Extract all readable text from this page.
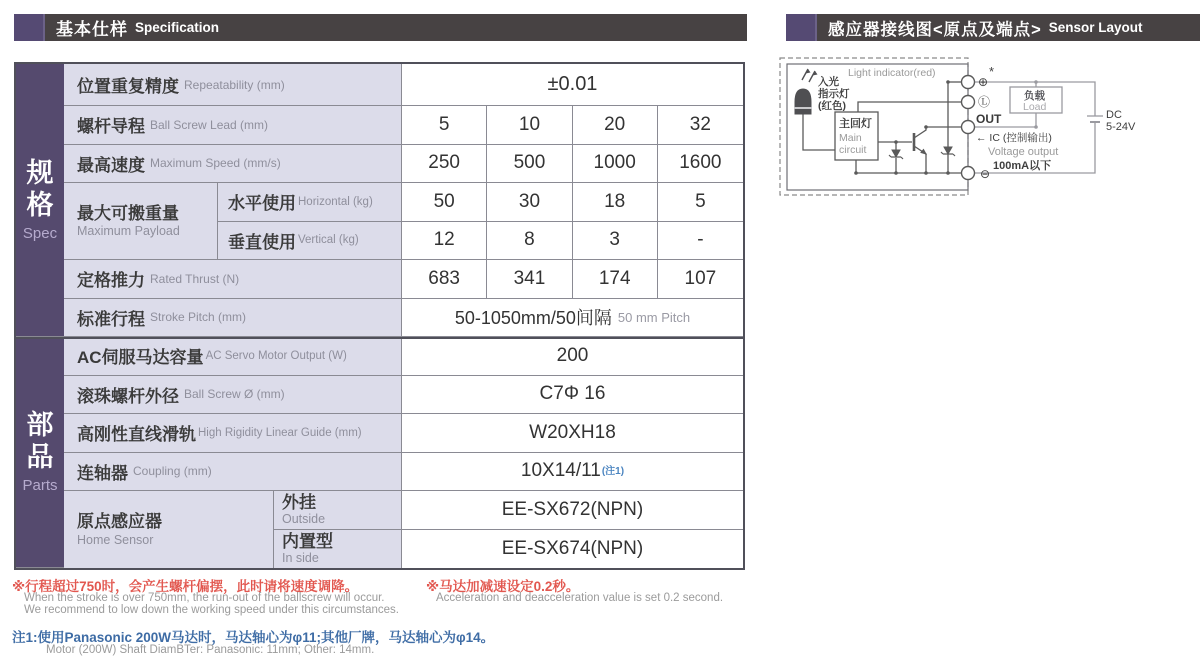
基本仕样 Specification	感应器接线图<原点及端点> Sensor Layout
规
格
Spec
部
品
Parts
位置重复精度 Repeatability (mm)	±0.01
螺杆导程 Ball Screw Lead (mm)	5	10	20	32
最高速度 Maximum Speed (mm/s)	250	500	1000	1600
最大可搬重量
Maximum Payload
水平使用 Horizontal (kg)	50	30	18	5
垂直使用 Vertical (kg)	12	8	3	-
定格推力 Rated Thrust (N)	683	341	174	107
标准行程 Stroke Pitch (mm)	50-1050mm/50间隔 50 mm Pitch
AC伺服马达容量 AC Servo Motor Output (W)	200
滚珠螺杆外径 Ball Screw Ø (mm)	C7Φ 16
高刚性直线滑轨 High Rigidity Linear Guide (mm)	W20XH18
连轴器 Coupling (mm)	10X14/11 (注1)
原点感应器
Home Sensor
外挂
Outside	EE-SX672(NPN)
内置型
In side	EE-SX674(NPN)
※行程超过750时，会产生螺杆偏摆，此时请将速度调降。
When the stroke is over 750mm, the run-out of the ballscrew will occur.
We recommend to low down the working speed under this circumstances.
※马达加减速设定0.2秒。
Acceleration and deacceleration value is set 0.2 second.
注1:使用Panasonic 200W马达时，马达轴心为φ11;其他厂牌，马达轴心为φ14。
Motor (200W) Shaft DiamBTer: Panasonic: 11mm; Other: 14mm.
Light indicator(red)
入光
指示灯
(红色)
主回灯
Main
circuit
负载
Load
⊕
*
Ⓛ
OUT
← IC (控制输出)
Voltage output
100mA以下
⊖
DC
5-24V
